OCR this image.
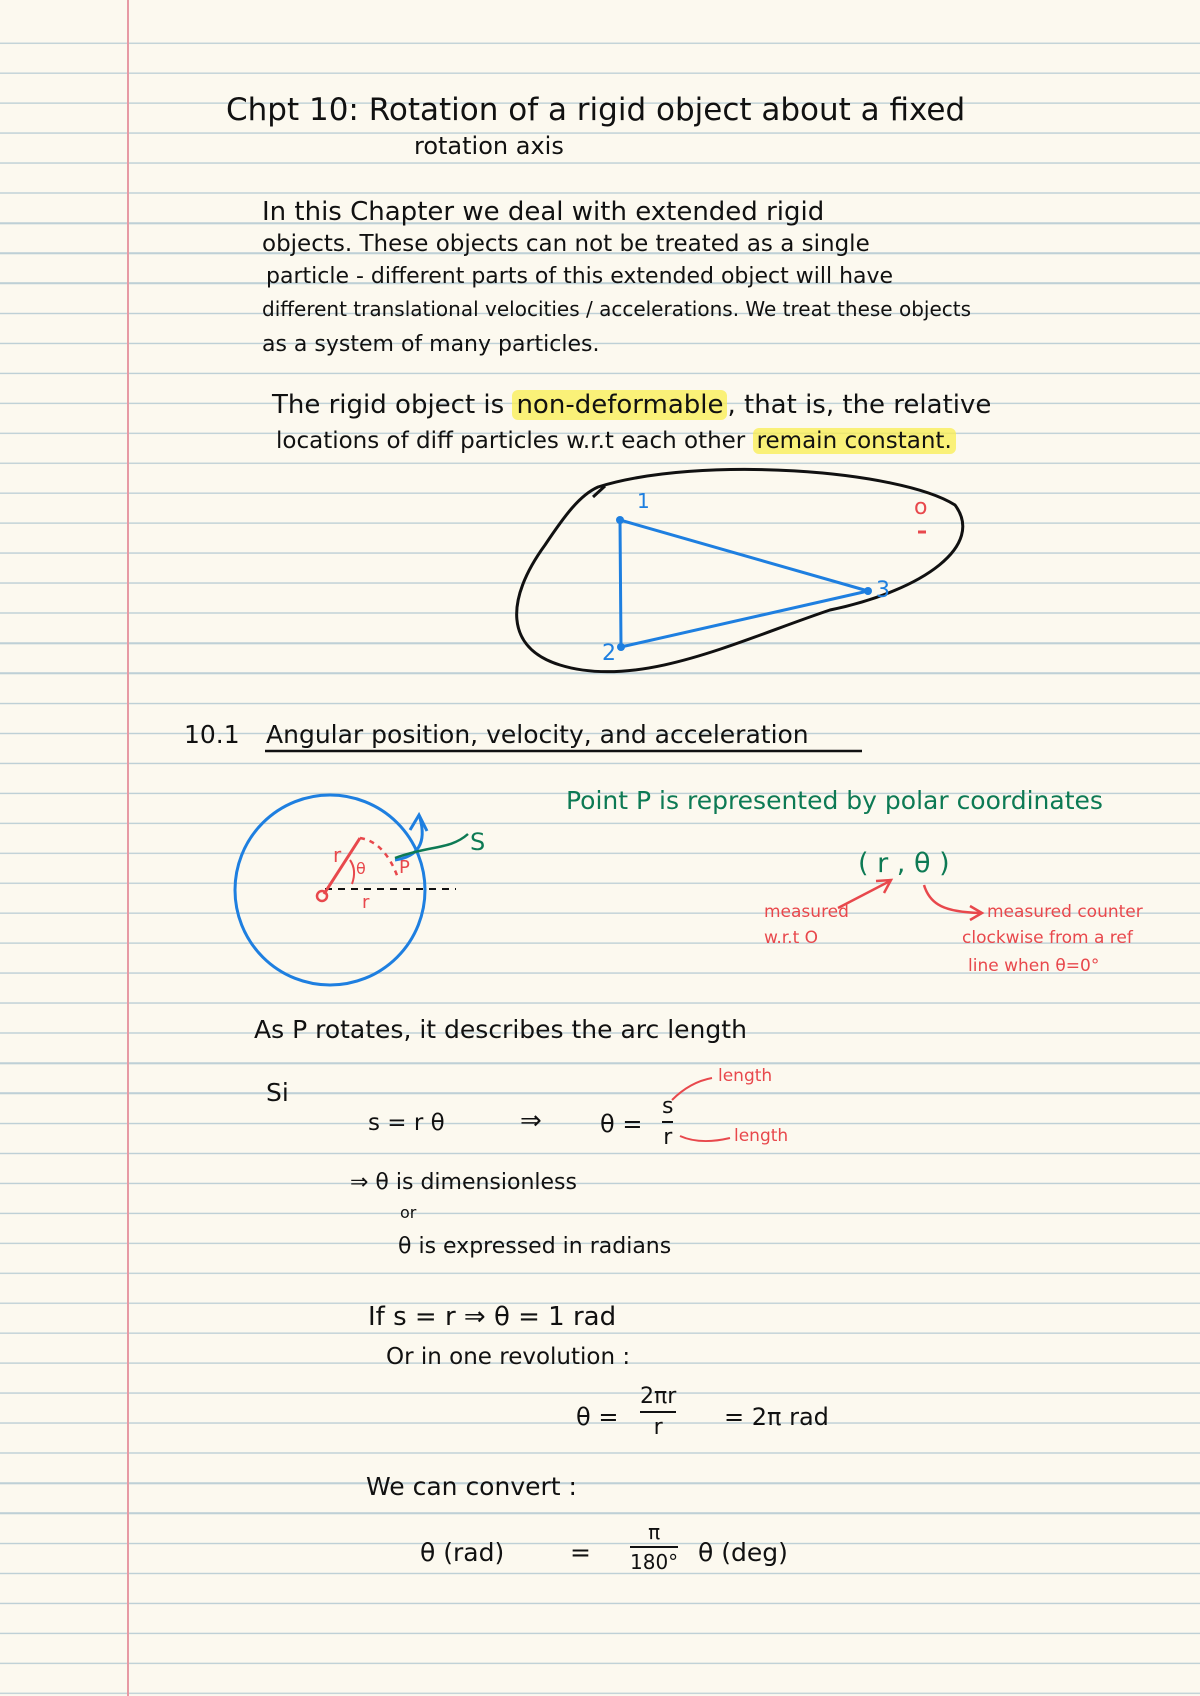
Chpt 10: Rotation of a rigid object about a fixed
rotation axis
In this Chapter we deal with extended rigid
objects. These objects can not be treated as a single
particle - different parts of this extended object will have
different translational velocities / accelerations. We treat these objects
as a system of many particles.
The rigid object is non-deformable , that is, the relative
locations of diff particles w.r.t each other remain constant.
1
2
3
o
r
θ P
r
S
10.1 Angular position, velocity, and acceleration
Point P is represented by polar coordinates
( r , θ )
measured
w.r.t O
measured counter
clockwise from a ref
line when θ=0°
As P rotates, it describes the arc length
Si
s = r θ	⇒ θ =
s
r
length
length
⇒ θ is dimensionless
or
θ is expressed in radians
If s = r ⇒ θ = 1 rad
Or in one revolution :
θ =
2πr
r	= 2π rad
We can convert :
θ (rad)	=
π
180° θ (deg)
